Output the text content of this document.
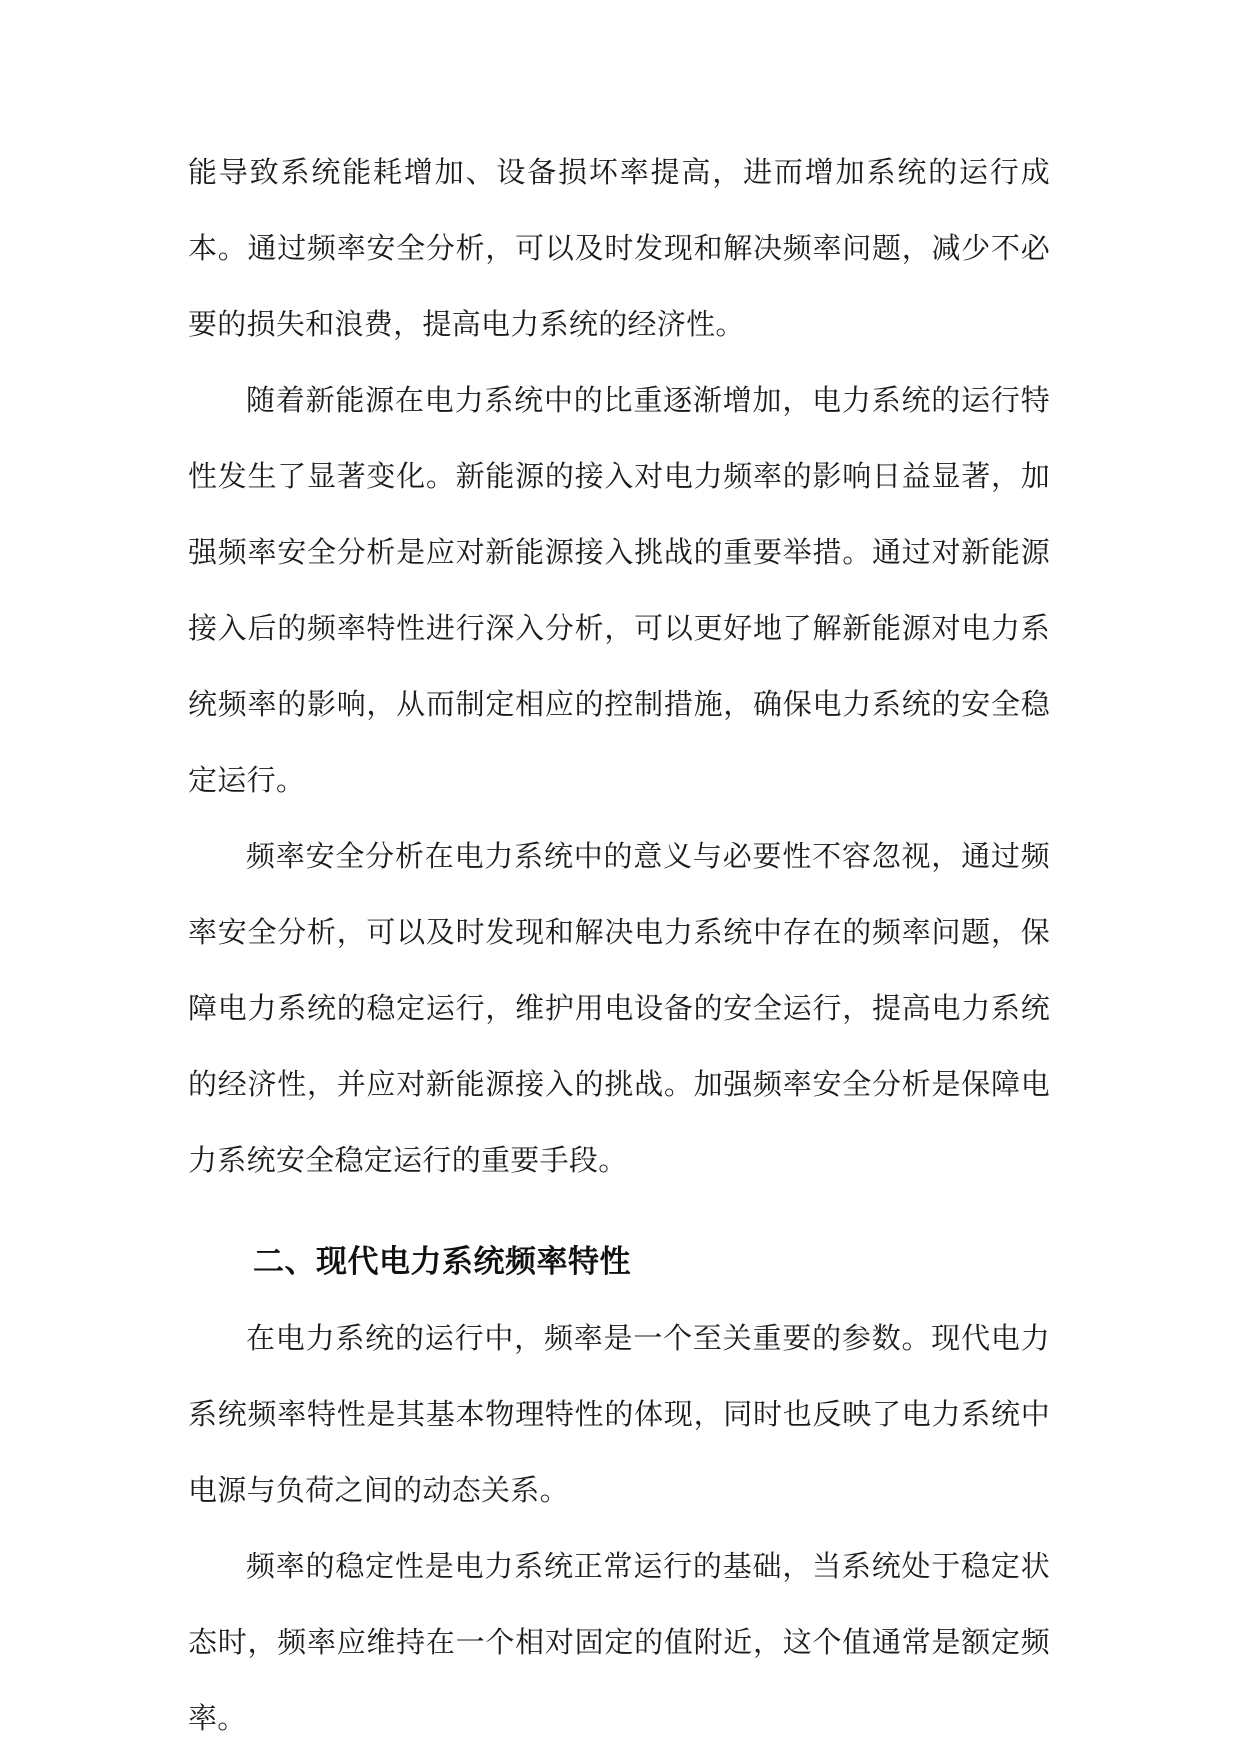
能导致系统能耗增加、设备损坏率提高，进而增加系统的运行成本。通过频率安全分析，可以及时发现和解决频率问题，减少不必要的损失和浪费，提高电力系统的经济性。

随着新能源在电力系统中的比重逐渐增加，电力系统的运行特性发生了显著变化。新能源的接入对电力频率的影响日益显著，加强频率安全分析是应对新能源接入挑战的重要举措。通过对新能源接入后的频率特性进行深入分析，可以更好地了解新能源对电力系统频率的影响，从而制定相应的控制措施，确保电力系统的安全稳定运行。

频率安全分析在电力系统中的意义与必要性不容忽视，通过频率安全分析，可以及时发现和解决电力系统中存在的频率问题，保障电力系统的稳定运行，维护用电设备的安全运行，提高电力系统的经济性，并应对新能源接入的挑战。加强频率安全分析是保障电力系统安全稳定运行的重要手段。

二、现代电力系统频率特性

在电力系统的运行中，频率是一个至关重要的参数。现代电力系统频率特性是其基本物理特性的体现，同时也反映了电力系统中电源与负荷之间的动态关系。

频率的稳定性是电力系统正常运行的基础，当系统处于稳定状态时，频率应维持在一个相对固定的值附近，这个值通常是额定频率。
